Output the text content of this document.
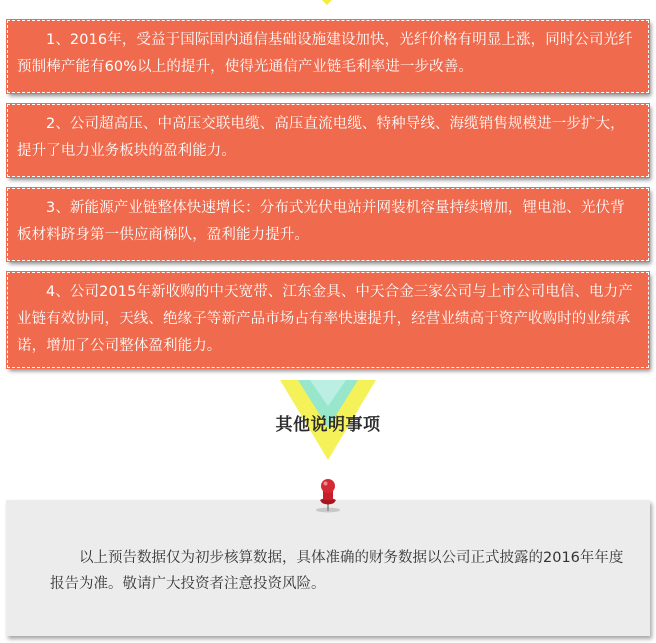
1、2016年，受益于国际国内通信基础设施建设加快，光纤价格有明显上涨，同时公司光纤预制棒产能有60%以上的提升，使得光通信产业链毛利率进一步改善。
2、公司超高压、中高压交联电缆、高压直流电缆、特种导线、海缆销售规模进一步扩大，提升了电力业务板块的盈利能力。
3、新能源产业链整体快速增长：分布式光伏电站并网装机容量持续增加，锂电池、光伏背板材料跻身第一供应商梯队，盈利能力提升。
4、公司2015年新收购的中天宽带、江东金具、中天合金三家公司与上市公司电信、电力产业链有效协同，天线、绝缘子等新产品市场占有率快速提升，经营业绩高于资产收购时的业绩承诺，增加了公司整体盈利能力。
其他说明事项
以上预告数据仅为初步核算数据，具体准确的财务数据以公司正式披露的2016年年度报告为准。敬请广大投资者注意投资风险。
